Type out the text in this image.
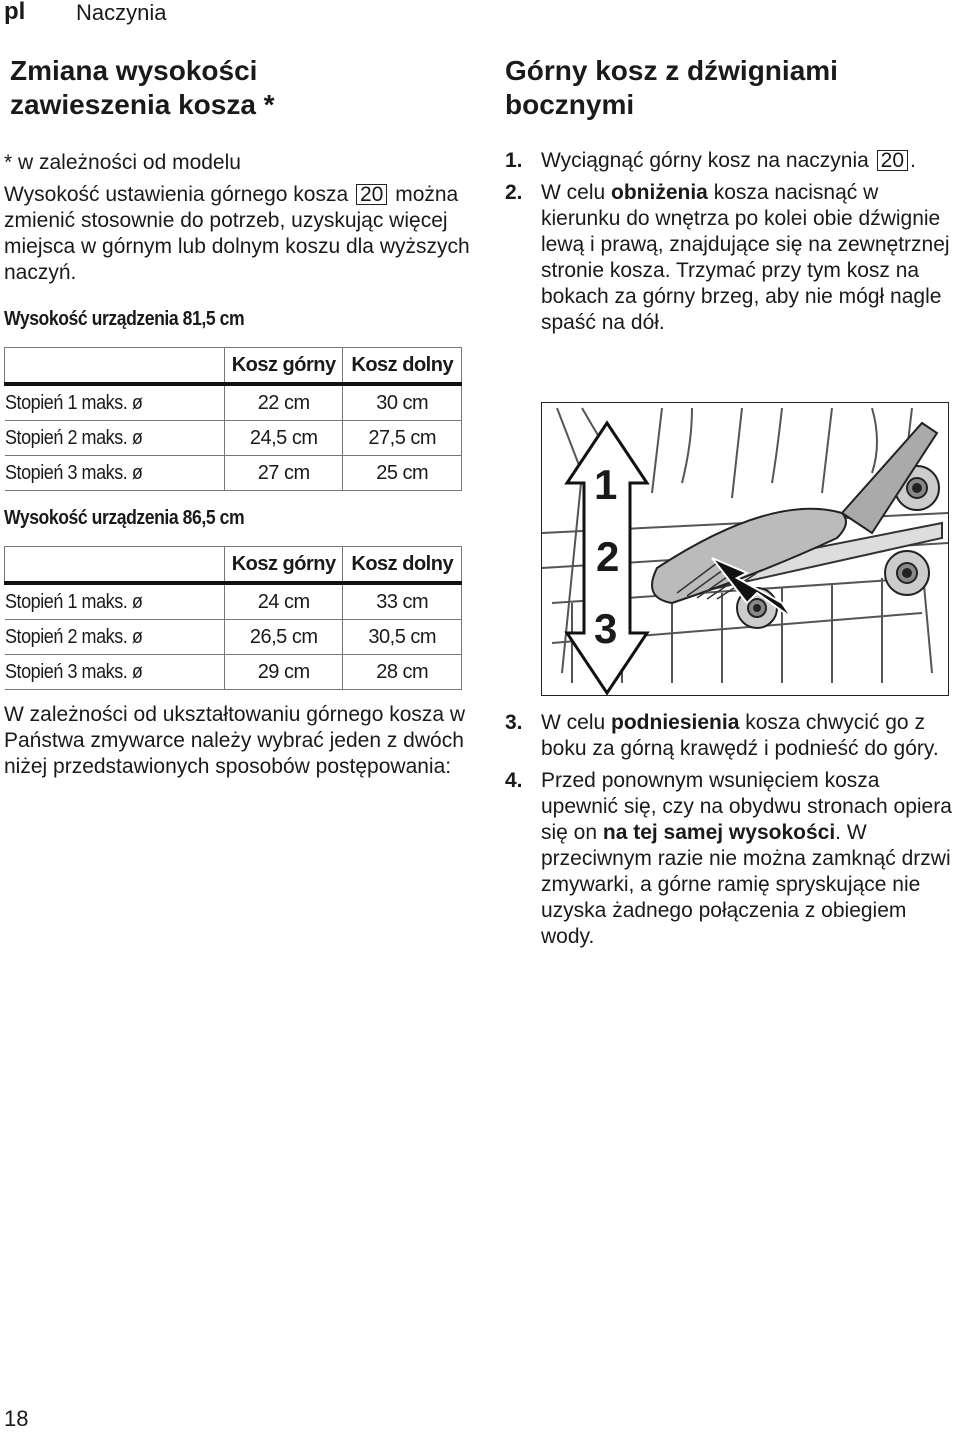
pl Naczynia
Zmiana wysokości
zawieszenia kosza *

* w zależności od modelu

Wysokość ustawienia górnego kosza 20 można zmienić stosownie do potrzeb, uzyskując więcej miejsca w górnym lub dolnym koszu dla wyższych naczyń.

Wysokość urządzenia 81,5 cm

	Kosz górny	Kosz dolny
Stopień 1 maks. ø	22 cm	30 cm
Stopień 2 maks. ø	24,5 cm	27,5 cm
Stopień 3 maks. ø	27 cm	25 cm

Wysokość urządzenia 86,5 cm

	Kosz górny	Kosz dolny
Stopień 1 maks. ø	24 cm	33 cm
Stopień 2 maks. ø	26,5 cm	30,5 cm
Stopień 3 maks. ø	29 cm	28 cm

W zależności od ukształtowaniu górnego kosza w Państwa zmywarce należy wybrać jeden z dwóch niżej przedstawionych sposobów postępowania:

Górny kosz z dźwigniami
bocznymi
1. Wyciągnąć górny kosz na naczynia 20 .
2. W celu obniżenia kosza nacisnąć w kierunku do wnętrza po kolei obie dźwignie lewą i prawą, znajdujące się na zewnętrznej stronie kosza. Trzymać przy tym kosz na bokach za górny brzeg, aby nie mógł nagle spaść na dół.
1
2
3
3. W celu podniesienia kosza chwycić go z boku za górną krawędź i podnieść do góry.
4. Przed ponownym wsunięciem kosza upewnić się, czy na obydwu stronach opiera się on na tej samej wysokości. W przeciwnym razie nie można zamknąć drzwi zmywarki, a górne ramię spryskujące nie uzyska żadnego połączenia z obiegiem wody.
18
